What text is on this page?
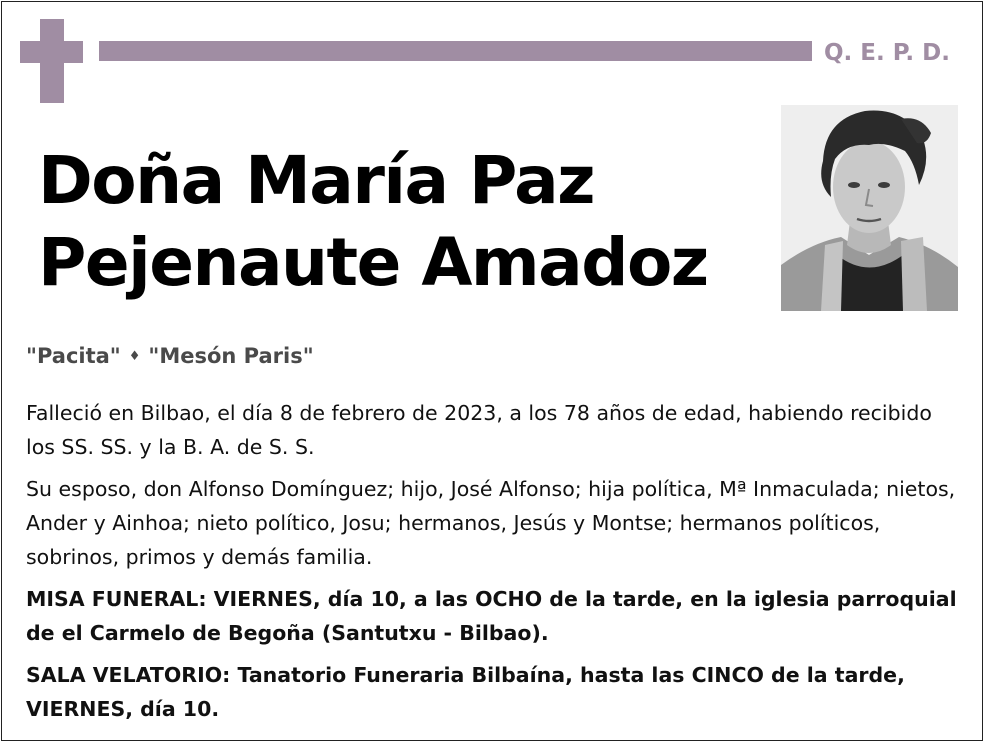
Q. E. P. D.
Doña María Paz
Pejenaute Amadoz
"Pacita" ♦ "Mesón Paris"

Falleció en Bilbao, el día 8 de febrero de 2023, a los 78 años de edad, habiendo recibido los SS. SS. y la B. A. de S. S.

Su esposo, don Alfonso Domínguez; hijo, José Alfonso; hija política, Mª Inmaculada; nietos, Ander y Ainhoa; nieto político, Josu; hermanos, Jesús y Montse; hermanos políticos, sobrinos, primos y demás familia.

MISA FUNERAL: VIERNES, día 10, a las OCHO de la tarde, en la iglesia parroquial de el Carmelo de Begoña (Santutxu - Bilbao).

SALA VELATORIO: Tanatorio Funeraria Bilbaína, hasta las CINCO de la tarde, VIERNES, día 10.
